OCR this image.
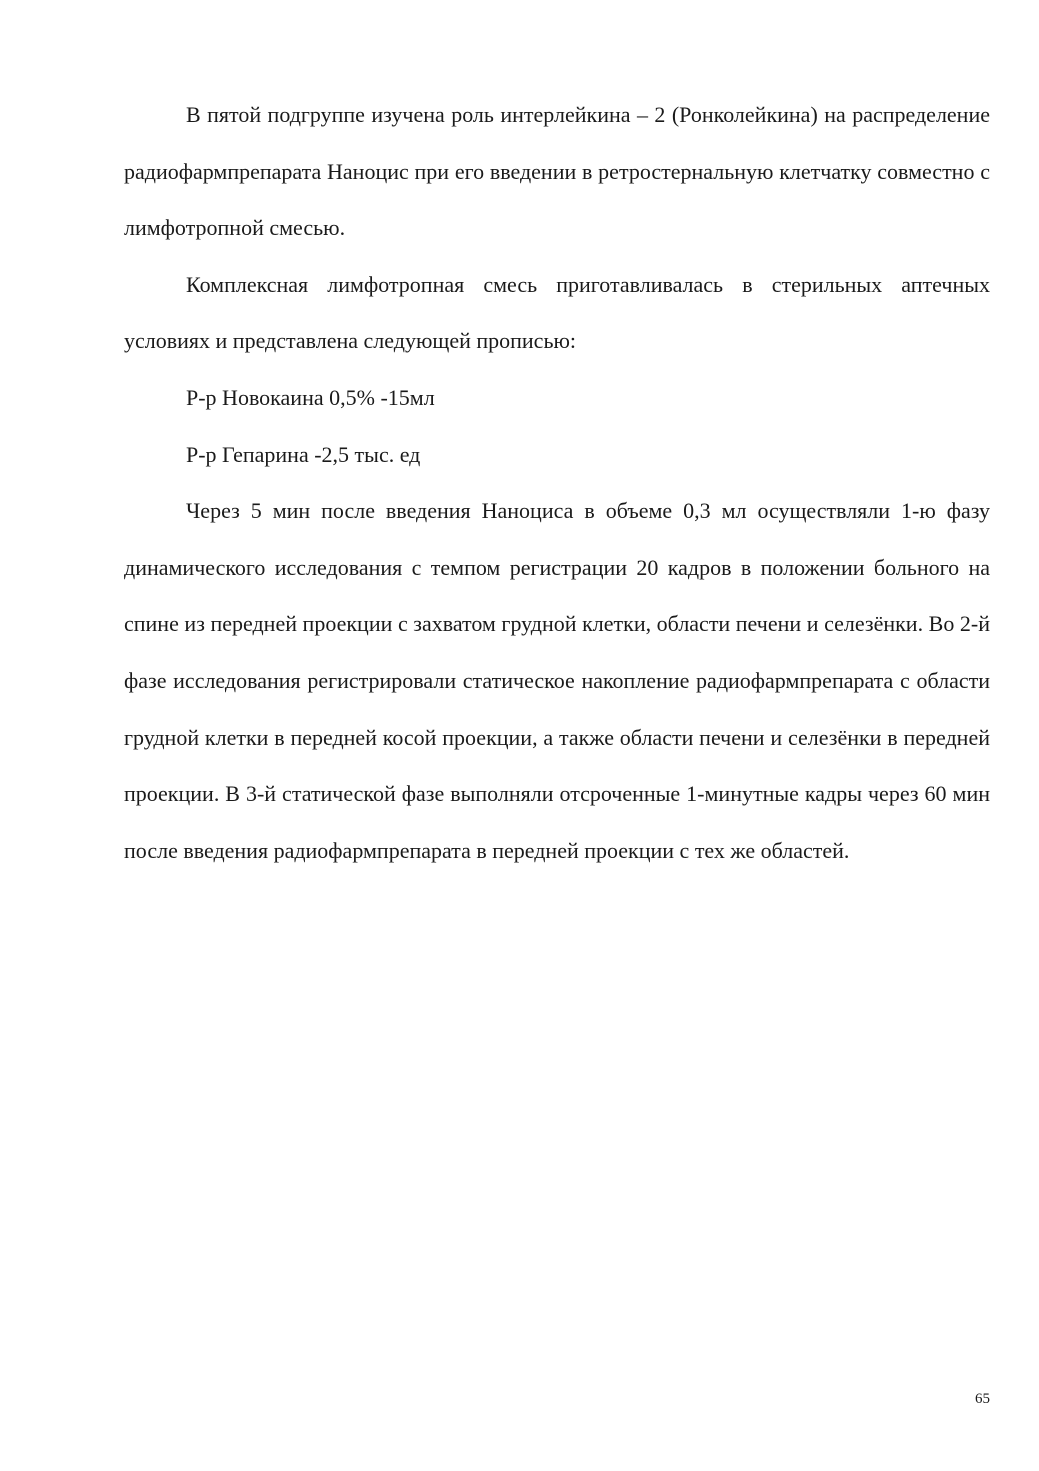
В пятой подгруппе изучена роль интерлейкина – 2 (Ронколейкина) на распределение радиофармпрепарата Наноцис при его введении в ретростернальную клетчатку совместно с лимфотропной смесью.

Комплексная лимфотропная смесь приготавливалась в стерильных аптечных условиях и представлена следующей прописью:

Р-р Новокаина 0,5% -15мл

Р-р Гепарина -2,5 тыс. ед

Через 5 мин после введения Наноциса в объеме 0,3 мл осуществляли 1-ю фазу динамического исследования с темпом регистрации 20 кадров в положении больного на спине из передней проекции с захватом грудной клетки, области печени и селезёнки. Во 2-й фазе исследования регистрировали статическое накопление радиофармпрепарата с области грудной клетки в передней косой проекции, а также области печени и селезёнки в передней проекции. В 3-й статической фазе выполняли отсроченные 1-минутные кадры через 60 мин после введения радиофармпрепарата в передней проекции с тех же областей.

65
